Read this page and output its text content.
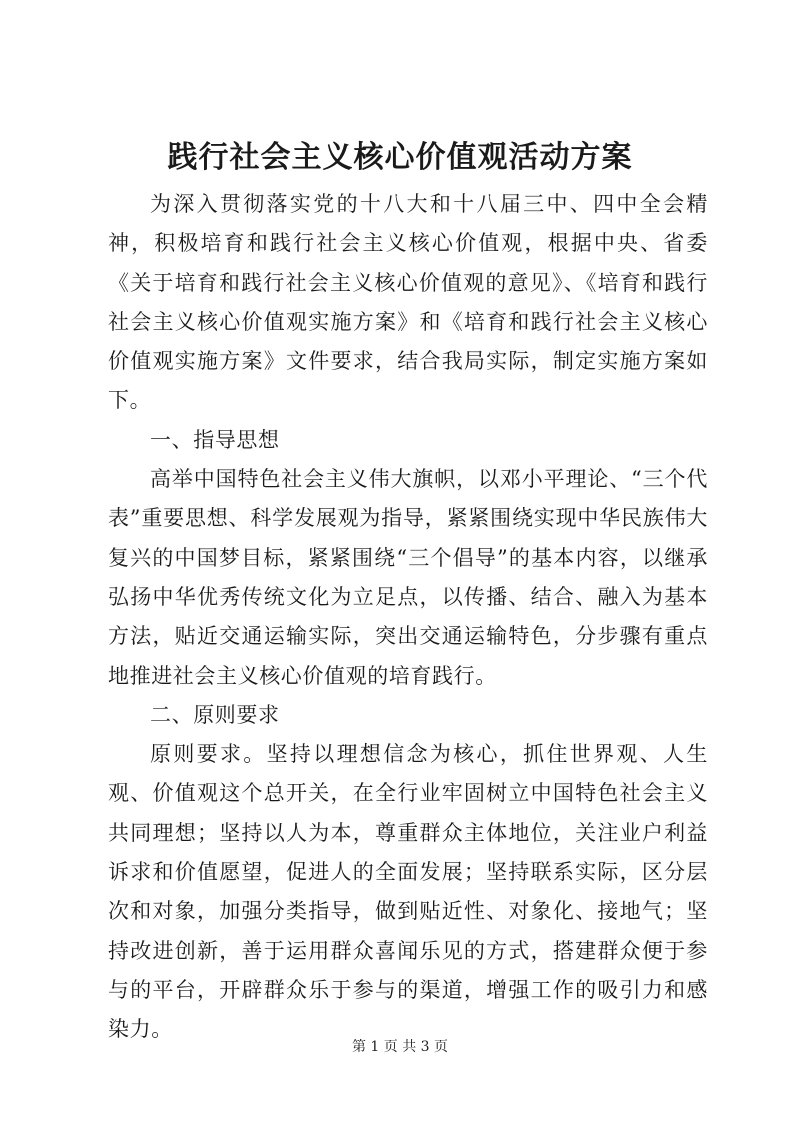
践行社会主义核心价值观活动方案

为深入贯彻落实党的十八大和十八届三中、四中全会精神，积极培育和践行社会主义核心价值观，根据中央、省委《关于培育和践行社会主义核心价值观的意见》、《培育和践行社会主义核心价值观实施方案》和《培育和践行社会主义核心价值观实施方案》文件要求，结合我局实际，制定实施方案如下。

一、指导思想

高举中国特色社会主义伟大旗帜，以邓小平理论、“三个代表”重要思想、科学发展观为指导，紧紧围绕实现中华民族伟大复兴的中国梦目标，紧紧围绕“三个倡导”的基本内容，以继承弘扬中华优秀传统文化为立足点，以传播、结合、融入为基本方法，贴近交通运输实际，突出交通运输特色，分步骤有重点地推进社会主义核心价值观的培育践行。

二、原则要求

原则要求。坚持以理想信念为核心，抓住世界观、人生观、价值观这个总开关，在全行业牢固树立中国特色社会主义共同理想；坚持以人为本，尊重群众主体地位，关注业户利益诉求和价值愿望，促进人的全面发展；坚持联系实际，区分层次和对象，加强分类指导，做到贴近性、对象化、接地气；坚持改进创新，善于运用群众喜闻乐见的方式，搭建群众便于参与的平台，开辟群众乐于参与的渠道，增强工作的吸引力和感染力。

第 1 页 共 3 页
